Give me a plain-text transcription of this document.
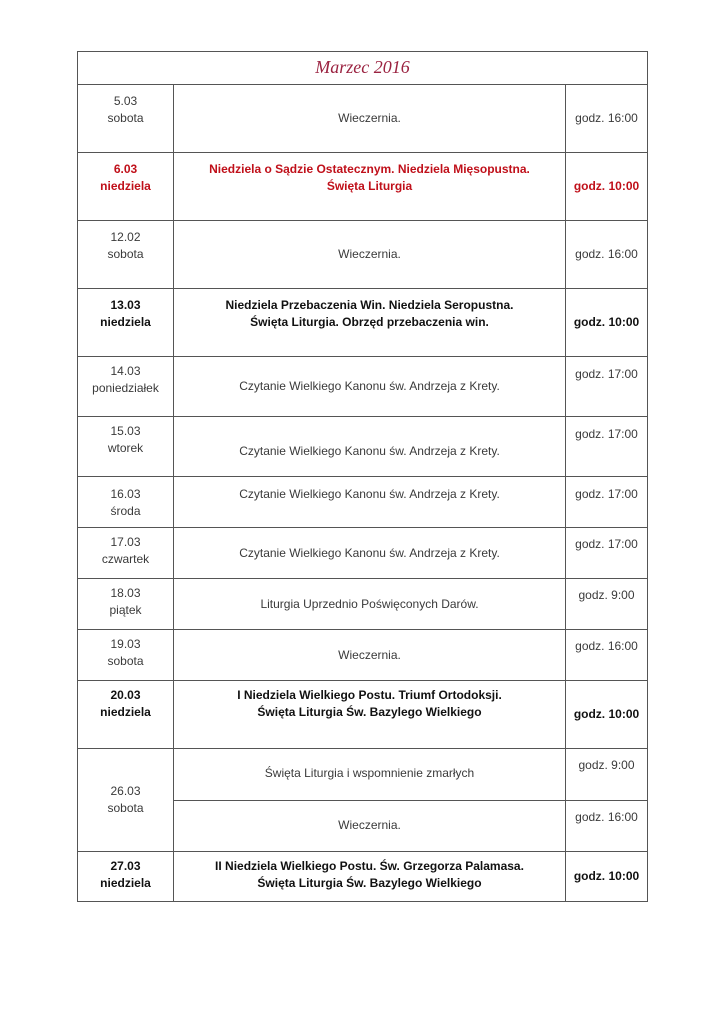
Marzec 2016		

5.03
sobota	Wieczernia.	godz. 16:00

6.03
niedziela	Niedziela o Sądzie Ostatecznym. Niedziela Mięsopustna.
Święta Liturgia	godz. 10:00

12.02
sobota	Wieczernia.	godz. 16:00

13.03
niedziela	Niedziela Przebaczenia Win. Niedziela Seropustna.
Święta Liturgia. Obrzęd przebaczenia win.	godz. 10:00

14.03
poniedziałek	Czytanie Wielkiego Kanonu św. Andrzeja z Krety.	godz. 17:00

15.03
wtorek	Czytanie Wielkiego Kanonu św. Andrzeja z Krety.	godz. 17:00

16.03
środa	Czytanie Wielkiego Kanonu św. Andrzeja z Krety.	godz. 17:00

17.03
czwartek	Czytanie Wielkiego Kanonu św. Andrzeja z Krety.	godz. 17:00

18.03
piątek	Liturgia Uprzednio Poświęconych Darów.	godz. 9:00

19.03
sobota	Wieczernia.	godz. 16:00

20.03
niedziela	I Niedziela Wielkiego Postu. Triumf Ortodoksji.
Święta Liturgia Św. Bazylego Wielkiego	godz. 10:00

26.03
sobota	Święta Liturgia i wspomnienie zmarłych	godz. 9:00

	Wieczernia.	godz. 16:00

27.03
niedziela	II Niedziela Wielkiego Postu. Św. Grzegorza Palamasa.
Święta Liturgia Św. Bazylego Wielkiego	godz. 10:00
